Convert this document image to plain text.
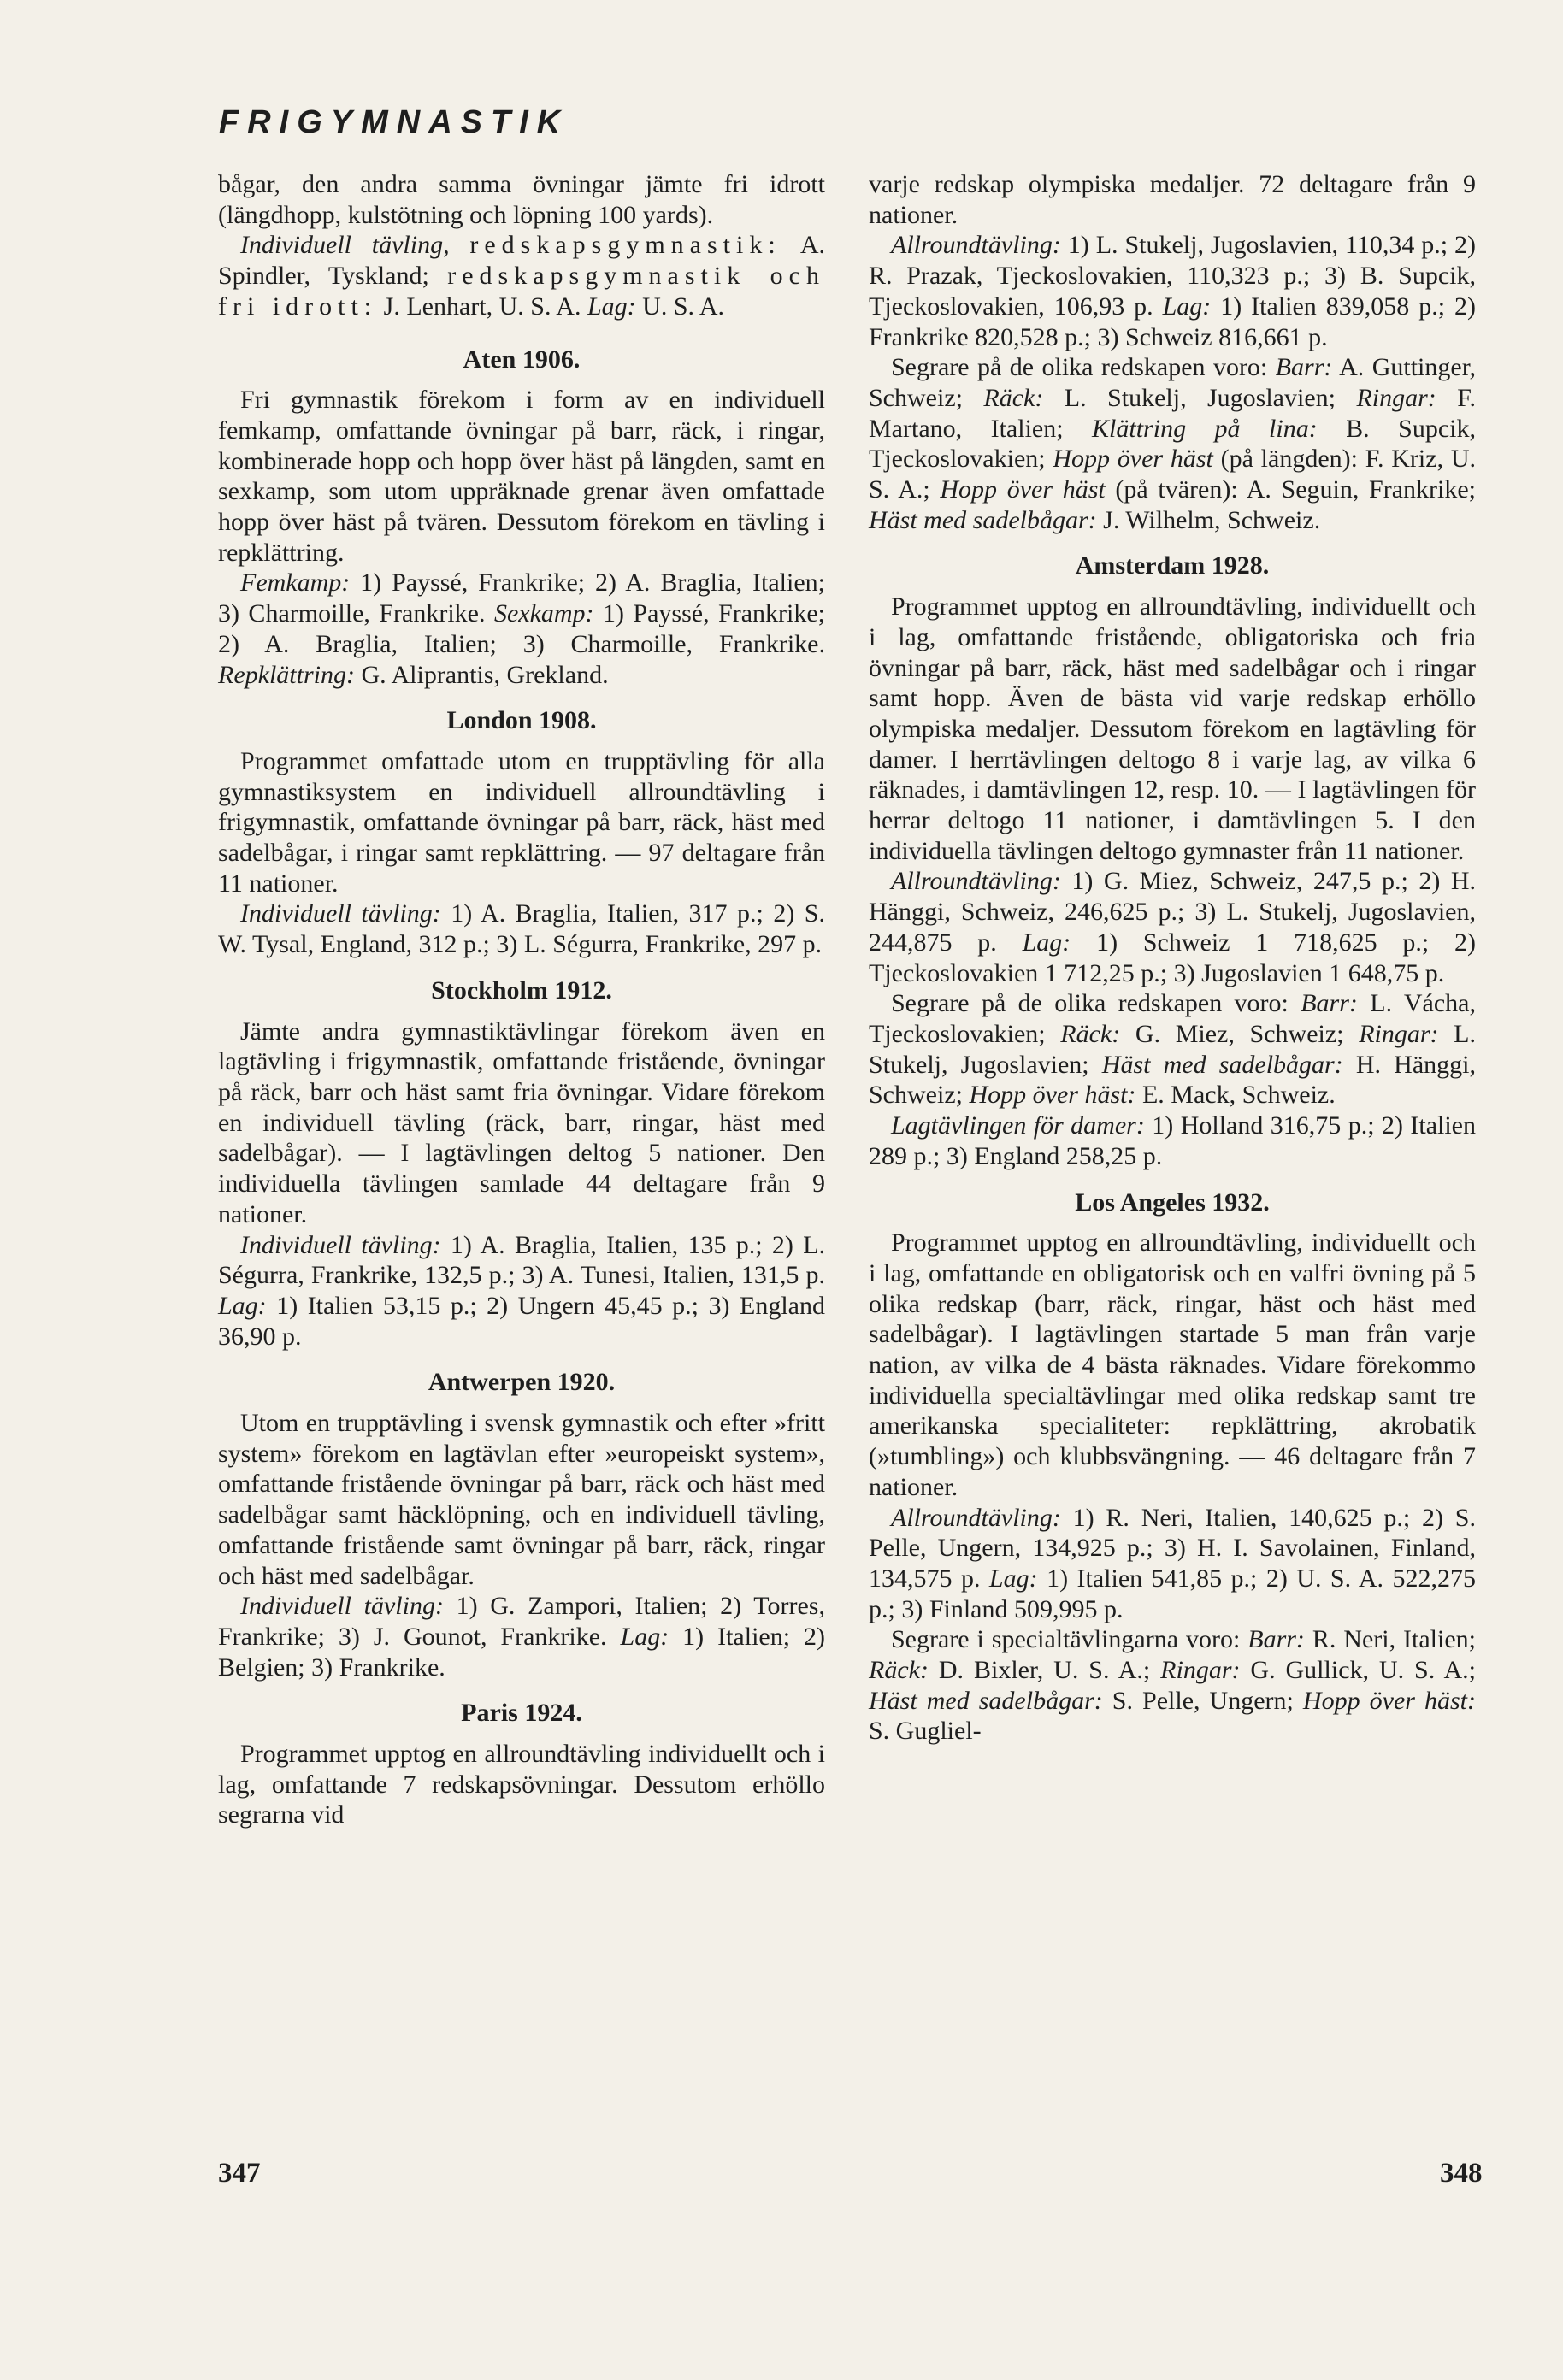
FRIGYMNASTIK

bågar, den andra samma övningar jämte fri idrott (längdhopp, kulstötning och löpning 100 yards).

Individuell tävling, redskapsgymnastik: A. Spindler, Tyskland; redskapsgymnastik och fri idrott: J. Lenhart, U. S. A. Lag: U. S. A.

Aten 1906.

Fri gymnastik förekom i form av en individuell femkamp, omfattande övningar på barr, räck, i ringar, kombinerade hopp och hopp över häst på längden, samt en sexkamp, som utom uppräknade grenar även omfattade hopp över häst på tvären. Dessutom förekom en tävling i repklättring.

Femkamp: 1) Payssé, Frankrike; 2) A. Braglia, Italien; 3) Charmoille, Frankrike. Sexkamp: 1) Payssé, Frankrike; 2) A. Braglia, Italien; 3) Charmoille, Frankrike. Repklättring: G. Aliprantis, Grekland.

London 1908.

Programmet omfattade utom en trupptävling för alla gymnastiksystem en individuell allroundtävling i frigymnastik, omfattande övningar på barr, räck, häst med sadelbågar, i ringar samt repklättring. — 97 deltagare från 11 nationer.

Individuell tävling: 1) A. Braglia, Italien, 317 p.; 2) S. W. Tysal, England, 312 p.; 3) L. Ségurra, Frankrike, 297 p.

Stockholm 1912.

Jämte andra gymnastiktävlingar förekom även en lagtävling i frigymnastik, omfattande fristående, övningar på räck, barr och häst samt fria övningar. Vidare förekom en individuell tävling (räck, barr, ringar, häst med sadelbågar). — I lagtävlingen deltog 5 nationer. Den individuella tävlingen samlade 44 deltagare från 9 nationer.

Individuell tävling: 1) A. Braglia, Italien, 135 p.; 2) L. Ségurra, Frankrike, 132,5 p.; 3) A. Tunesi, Italien, 131,5 p. Lag: 1) Italien 53,15 p.; 2) Ungern 45,45 p.; 3) England 36,90 p.

Antwerpen 1920.

Utom en trupptävling i svensk gymnastik och efter »fritt system» förekom en lagtävlan efter »europeiskt system», omfattande fristående övningar på barr, räck och häst med sadelbågar samt häcklöpning, och en individuell tävling, omfattande fristående samt övningar på barr, räck, ringar och häst med sadelbågar.

Individuell tävling: 1) G. Zampori, Italien; 2) Torres, Frankrike; 3) J. Gounot, Frankrike. Lag: 1) Italien; 2) Belgien; 3) Frankrike.

Paris 1924.

Programmet upptog en allroundtävling individuellt och i lag, omfattande 7 redskapsövningar. Dessutom erhöllo segrarna vid

varje redskap olympiska medaljer. 72 deltagare från 9 nationer.

Allroundtävling: 1) L. Stukelj, Jugoslavien, 110,34 p.; 2) R. Prazak, Tjeckoslovakien, 110,323 p.; 3) B. Supcik, Tjeckoslovakien, 106,93 p. Lag: 1) Italien 839,058 p.; 2) Frankrike 820,528 p.; 3) Schweiz 816,661 p.

Segrare på de olika redskapen voro: Barr: A. Guttinger, Schweiz; Räck: L. Stukelj, Jugoslavien; Ringar: F. Martano, Italien; Klättring på lina: B. Supcik, Tjeckoslovakien; Hopp över häst (på längden): F. Kriz, U. S. A.; Hopp över häst (på tvären): A. Seguin, Frankrike; Häst med sadelbågar: J. Wilhelm, Schweiz.

Amsterdam 1928.

Programmet upptog en allroundtävling, individuellt och i lag, omfattande fristående, obligatoriska och fria övningar på barr, räck, häst med sadelbågar och i ringar samt hopp. Även de bästa vid varje redskap erhöllo olympiska medaljer. Dessutom förekom en lagtävling för damer. I herrtävlingen deltogo 8 i varje lag, av vilka 6 räknades, i damtävlingen 12, resp. 10. — I lagtävlingen för herrar deltogo 11 nationer, i damtävlingen 5. I den individuella tävlingen deltogo gymnaster från 11 nationer.

Allroundtävling: 1) G. Miez, Schweiz, 247,5 p.; 2) H. Hänggi, Schweiz, 246,625 p.; 3) L. Stukelj, Jugoslavien, 244,875 p. Lag: 1) Schweiz 1 718,625 p.; 2) Tjeckoslovakien 1 712,25 p.; 3) Jugoslavien 1 648,75 p.

Segrare på de olika redskapen voro: Barr: L. Vácha, Tjeckoslovakien; Räck: G. Miez, Schweiz; Ringar: L. Stukelj, Jugoslavien; Häst med sadelbågar: H. Hänggi, Schweiz; Hopp över häst: E. Mack, Schweiz.

Lagtävlingen för damer: 1) Holland 316,75 p.; 2) Italien 289 p.; 3) England 258,25 p.

Los Angeles 1932.

Programmet upptog en allroundtävling, individuellt och i lag, omfattande en obligatorisk och en valfri övning på 5 olika redskap (barr, räck, ringar, häst och häst med sadelbågar). I lagtävlingen startade 5 man från varje nation, av vilka de 4 bästa räknades. Vidare förekommo individuella specialtävlingar med olika redskap samt tre amerikanska specialiteter: repklättring, akrobatik (»tumbling») och klubbsvängning. — 46 deltagare från 7 nationer.

Allroundtävling: 1) R. Neri, Italien, 140,625 p.; 2) S. Pelle, Ungern, 134,925 p.; 3) H. I. Savolainen, Finland, 134,575 p. Lag: 1) Italien 541,85 p.; 2) U. S. A. 522,275 p.; 3) Finland 509,995 p.

Segrare i specialtävlingarna voro: Barr: R. Neri, Italien; Räck: D. Bixler, U. S. A.; Ringar: G. Gullick, U. S. A.; Häst med sadelbågar: S. Pelle, Ungern; Hopp över häst: S. Gugliel-

347	348
